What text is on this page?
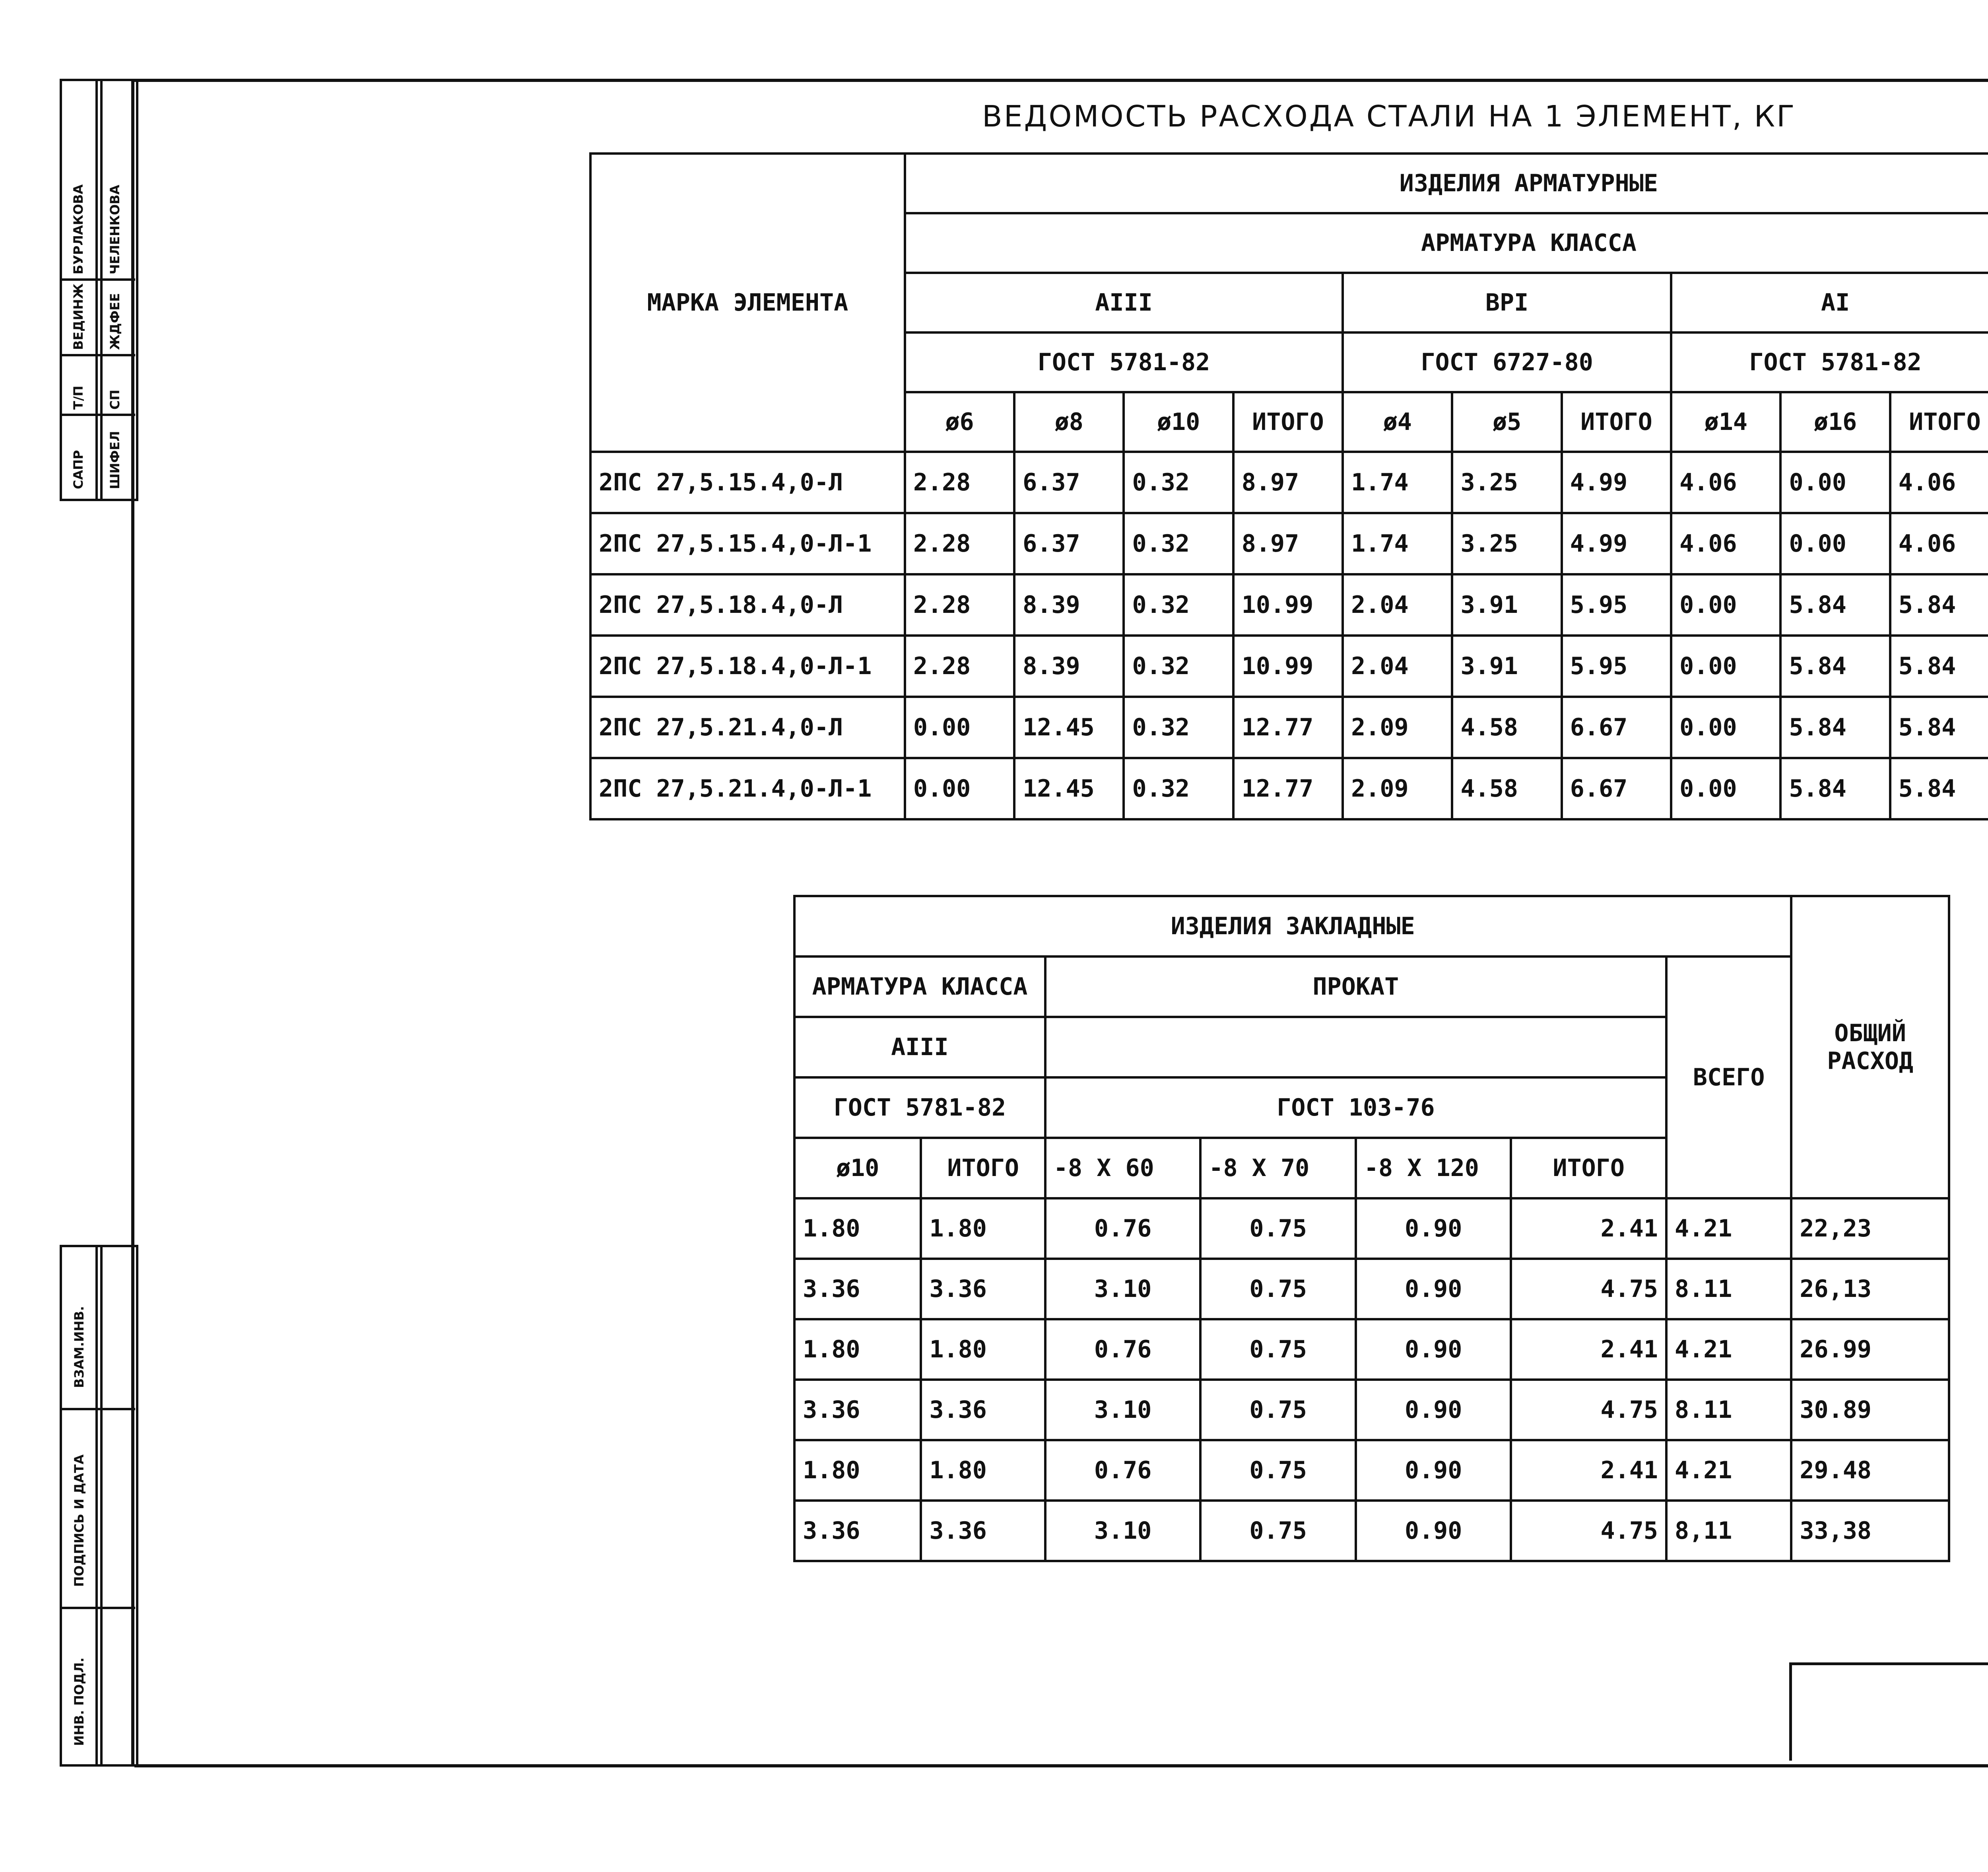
САПР
Т/П
ВЕДИНЖ
БУРЛАКОВА
ШИФЕЛ
СП
ЖДФЕЕ
ЧЕЛЕНКОВА
ВЗАМ.ИНВ.
ПОДПИСЬ И ДАТА
ИНВ. ПОДЛ.
ВЕДОМОСТЬ РАСХОДА СТАЛИ НА 1 ЭЛЕМЕНТ, КГ
МАРКА ЭЛЕМЕНТА	ИЗДЕЛИЯ АРМАТУРНЫЕ										
	АРМАТУРА КЛАССА										
	AIII				ВРI			AI	
	ГОСТ 5781-82				ГОСТ 6727-80			ГОСТ 5781-82			
	ø6	ø8	ø10	ИТОГО	ø4	ø5	ИТОГО	ø14	ø16	ИТОГО	
2ПС 27,5.15.4,0-Л	2.28	6.37	0.32	8.97	1.74	3.25	4.99	4.06	0.00	4.06	
2ПС 27,5.15.4,0-Л-1	2.28	6.37	0.32	8.97	1.74	3.25	4.99	4.06	0.00	4.06	
2ПС 27,5.18.4,0-Л	2.28	8.39	0.32	10.99	2.04	3.91	5.95	0.00	5.84	5.84	
2ПС 27,5.18.4,0-Л-1	2.28	8.39	0.32	10.99	2.04	3.91	5.95	0.00	5.84	5.84	
2ПС 27,5.21.4,0-Л	0.00	12.45	0.32	12.77	2.09	4.58	6.67	0.00	5.84	5.84	
2ПС 27,5.21.4,0-Л-1	0.00	12.45	0.32	12.77	2.09	4.58	6.67	0.00	5.84	5.84	
ИЗДЕЛИЯ ЗАКЛАДНЫЕ							ОБЩИЙ
РАСХОД

АРМАТУРА КЛАССА		ПРОКАТ				ВСЕГО	
AIII							
ГОСТ 5781-82		ГОСТ 103-76					
ø10	ИТОГО	-8 Х 60	-8 Х 70	-8 Х 120	ИТОГО		
1.80	1.80	0.76	0.75	0.90	2.41	4.21	22,23
3.36	3.36	3.10	0.75	0.90	4.75	8.11	26,13
1.80	1.80	0.76	0.75	0.90	2.41	4.21	26.99
3.36	3.36	3.10	0.75	0.90	4.75	8.11	30.89
1.80	1.80	0.76	0.75	0.90	2.41	4.21	29.48
3.36	3.36	3.10	0.75	0.90	4.75	8,11	33,38
